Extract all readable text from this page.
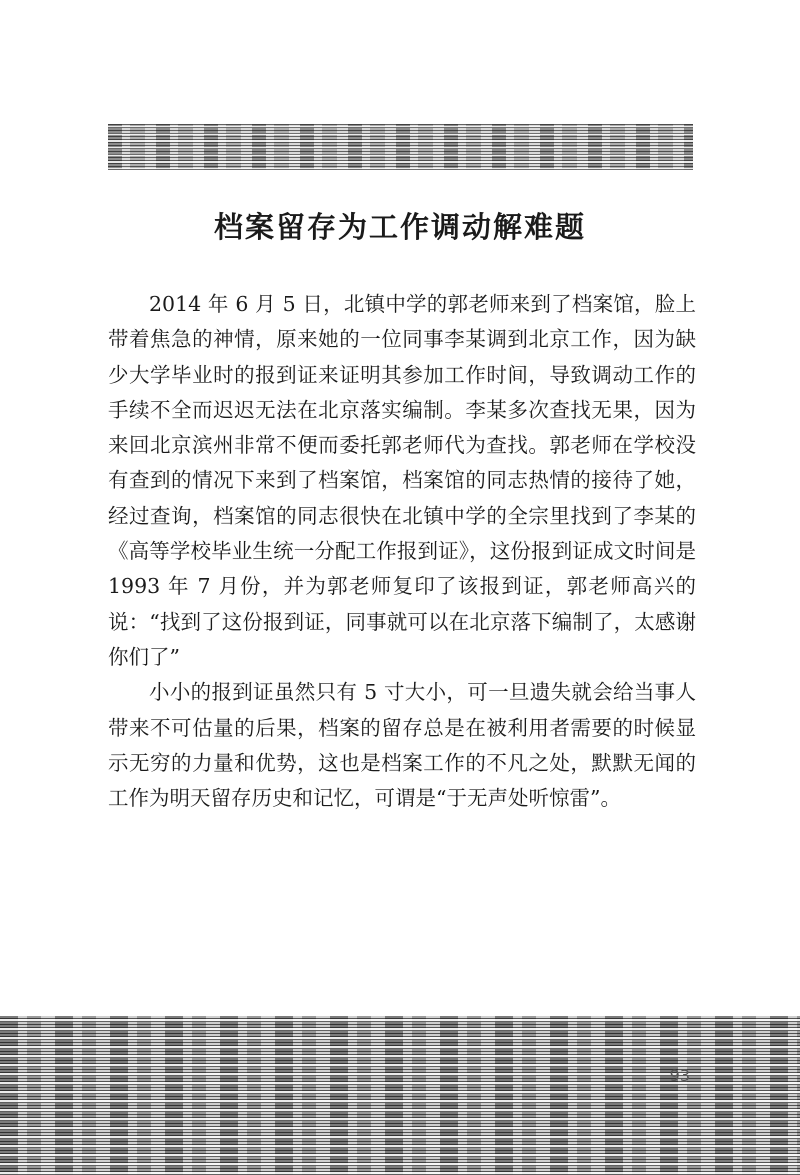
档案留存为工作调动解难题

2014 年 6 月 5 日，北镇中学的郭老师来到了档案馆，脸上带着焦急的神情，原来她的一位同事李某调到北京工作，因为缺少大学毕业时的报到证来证明其参加工作时间，导致调动工作的手续不全而迟迟无法在北京落实编制。李某多次查找无果，因为来回北京滨州非常不便而委托郭老师代为查找。郭老师在学校没有查到的情况下来到了档案馆，档案馆的同志热情的接待了她，经过查询，档案馆的同志很快在北镇中学的全宗里找到了李某的《高等学校毕业生统一分配工作报到证》，这份报到证成文时间是 1993 年 7 月份，并为郭老师复印了该报到证，郭老师高兴的说：“找到了这份报到证，同事就可以在北京落下编制了，太感谢你们了”

小小的报到证虽然只有 5 寸大小，可一旦遗失就会给当事人带来不可估量的后果，档案的留存总是在被利用者需要的时候显示无穷的力量和优势，这也是档案工作的不凡之处，默默无闻的工作为明天留存历史和记忆，可谓是“于无声处听惊雷”。

93
